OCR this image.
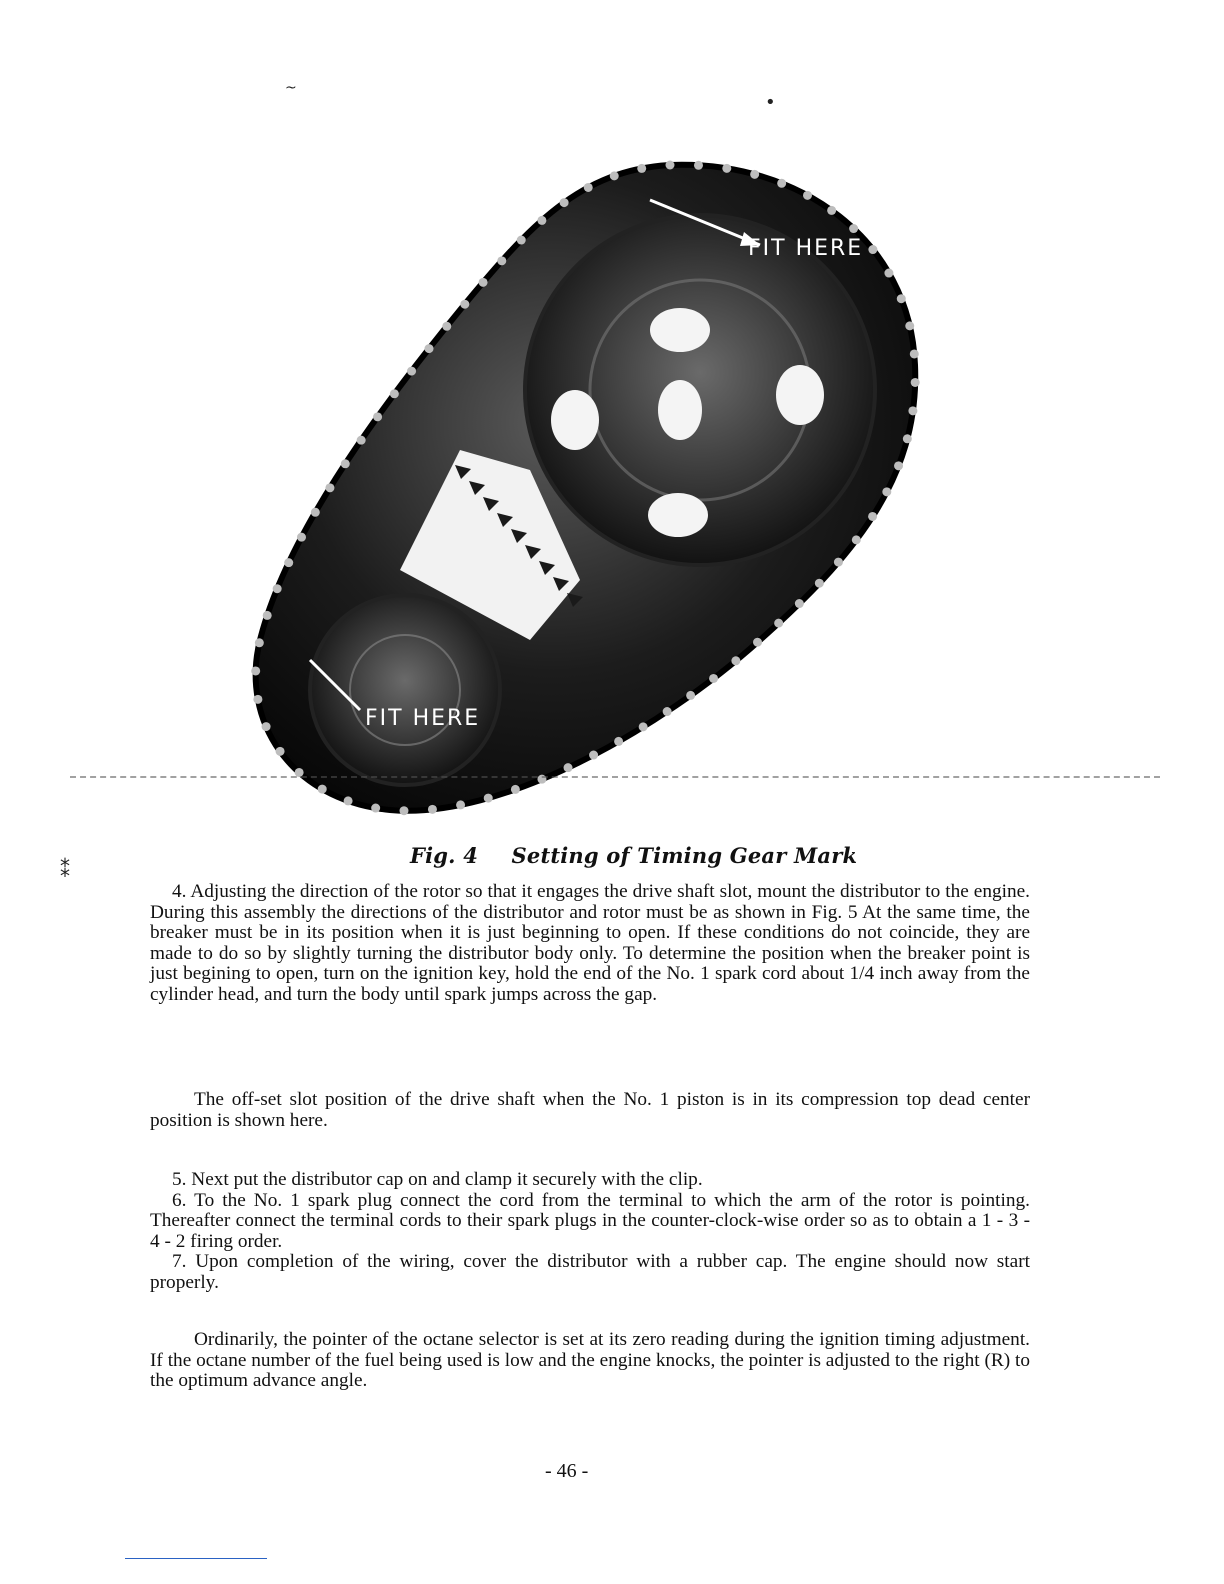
FIT HERE
FIT HERE
Fig. 4 Setting of Timing Gear Mark

4. Adjusting the direction of the rotor so that it engages the drive shaft slot, mount the distributor to the engine. During this assembly the directions of the distributor and rotor must be as shown in Fig. 5 At the same time, the breaker must be in its position when it is just beginning to open. If these conditions do not coincide, they are made to do so by slightly turning the distributor body only. To determine the position when the breaker point is just begining to open, turn on the ignition key, hold the end of the No. 1 spark cord about 1/4 inch away from the cylinder head, and turn the body until spark jumps across the gap.

The off-set slot position of the drive shaft when the No. 1 piston is in its compression top dead center position is shown here.

5. Next put the distributor cap on and clamp it securely with the clip.

6. To the No. 1 spark plug connect the cord from the terminal to which the arm of the rotor is pointing. Thereafter connect the terminal cords to their spark plugs in the counter-clock-wise order so as to obtain a 1 - 3 - 4 - 2 firing order.

7. Upon completion of the wiring, cover the distributor with a rubber cap. The engine should now start properly.

Ordinarily, the pointer of the octane selector is set at its zero reading during the ignition timing adjustment. If the octane number of the fuel being used is low and the engine knocks, the pointer is adjusted to the right (R) to the optimum advance angle.

- 46 -
~
•
⁑
